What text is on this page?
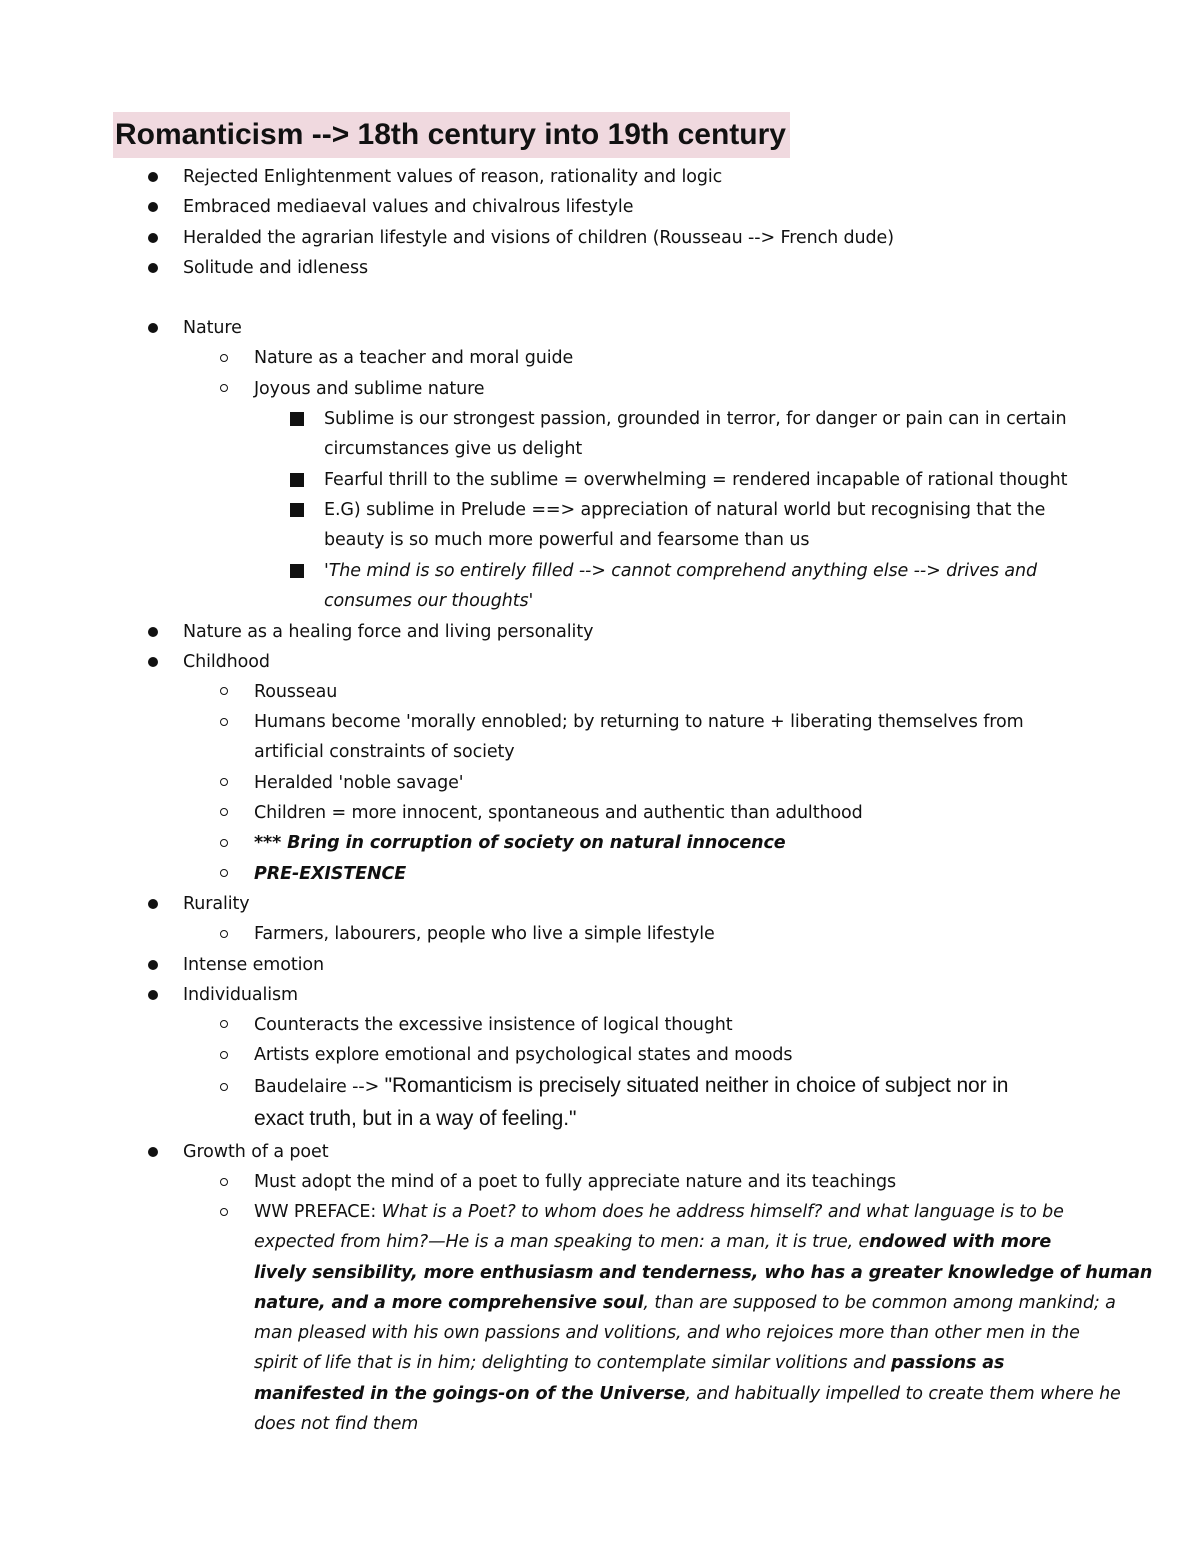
Romanticism --> 18th century into 19th century
Rejected Enlightenment values of reason, rationality and logic
Embraced mediaeval values and chivalrous lifestyle
Heralded the agrarian lifestyle and visions of children (Rousseau --> French dude)
Solitude and idleness
Nature
Nature as a teacher and moral guide
Joyous and sublime nature
Sublime is our strongest passion, grounded in terror, for danger or pain can in certain
circumstances give us delight
Fearful thrill to the sublime = overwhelming = rendered incapable of rational thought
E.G) sublime in Prelude ==> appreciation of natural world but recognising that the
beauty is so much more powerful and fearsome than us
'The mind is so entirely filled --> cannot comprehend anything else --> drives and
consumes our thoughts'
Nature as a healing force and living personality
Childhood
Rousseau
Humans become 'morally ennobled; by returning to nature + liberating themselves from
artificial constraints of society
Heralded 'noble savage'
Children = more innocent, spontaneous and authentic than adulthood
*** Bring in corruption of society on natural innocence
PRE-EXISTENCE
Rurality
Farmers, labourers, people who live a simple lifestyle
Intense emotion
Individualism
Counteracts the excessive insistence of logical thought
Artists explore emotional and psychological states and moods
Baudelaire --> "Romanticism is precisely situated neither in choice of subject nor in
exact truth, but in a way of feeling."
Growth of a poet
Must adopt the mind of a poet to fully appreciate nature and its teachings
WW PREFACE: What is a Poet? to whom does he address himself? and what language is to be
expected from him?—He is a man speaking to men: a man, it is true, endowed with more
lively sensibility, more enthusiasm and tenderness, who has a greater knowledge of human
nature, and a more comprehensive soul, than are supposed to be common among mankind; a
man pleased with his own passions and volitions, and who rejoices more than other men in the
spirit of life that is in him; delighting to contemplate similar volitions and passions as
manifested in the goings-on of the Universe, and habitually impelled to create them where he
does not find them
